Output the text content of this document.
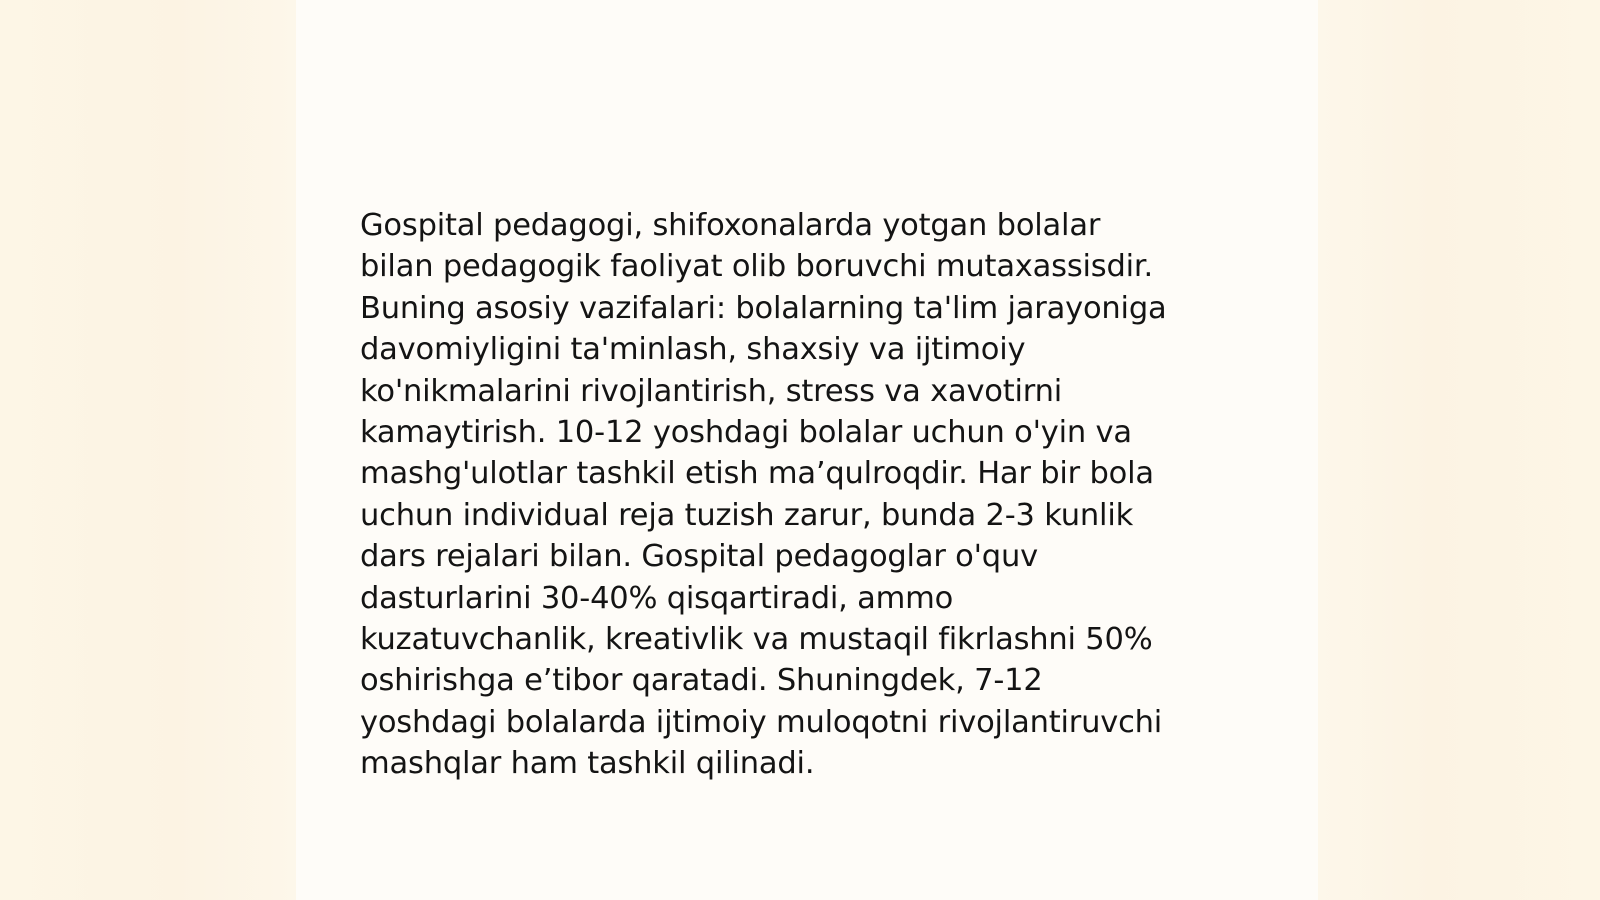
Gospital pedagogi, shifoxonalarda yotgan bolalar
bilan pedagogik faoliyat olib boruvchi mutaxassisdir.
Buning asosiy vazifalari: bolalarning ta'lim jarayoniga
davomiyligini ta'minlash, shaxsiy va ijtimoiy
ko'nikmalarini rivojlantirish, stress va xavotirni
kamaytirish. 10-12 yoshdagi bolalar uchun o'yin va
mashg'ulotlar tashkil etish ma’qulroqdir. Har bir bola
uchun individual reja tuzish zarur, bunda 2-3 kunlik
dars rejalari bilan. Gospital pedagoglar o'quv
dasturlarini 30-40% qisqartiradi, ammo
kuzatuvchanlik, kreativlik va mustaqil fikrlashni 50%
oshirishga e’tibor qaratadi. Shuningdek, 7-12
yoshdagi bolalarda ijtimoiy muloqotni rivojlantiruvchi
mashqlar ham tashkil qilinadi.
